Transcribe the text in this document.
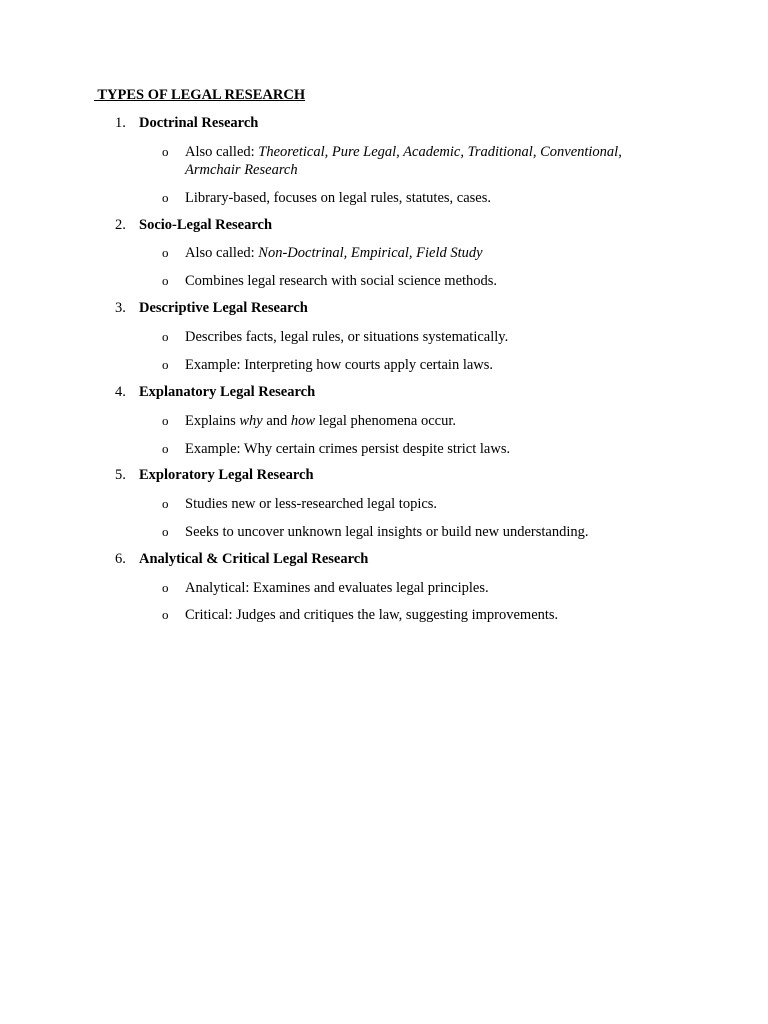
TYPES OF LEGAL RESEARCH
1. Doctrinal Research
o Also called: Theoretical, Pure Legal, Academic, Traditional, Conventional, Armchair Research
o Library-based, focuses on legal rules, statutes, cases.
2. Socio-Legal Research
o Also called: Non-Doctrinal, Empirical, Field Study
o Combines legal research with social science methods.
3. Descriptive Legal Research
o Describes facts, legal rules, or situations systematically.
o Example: Interpreting how courts apply certain laws.
4. Explanatory Legal Research
o Explains why and how legal phenomena occur.
o Example: Why certain crimes persist despite strict laws.
5. Exploratory Legal Research
o Studies new or less-researched legal topics.
o Seeks to uncover unknown legal insights or build new understanding.
6. Analytical & Critical Legal Research
o Analytical: Examines and evaluates legal principles.
o Critical: Judges and critiques the law, suggesting improvements.
